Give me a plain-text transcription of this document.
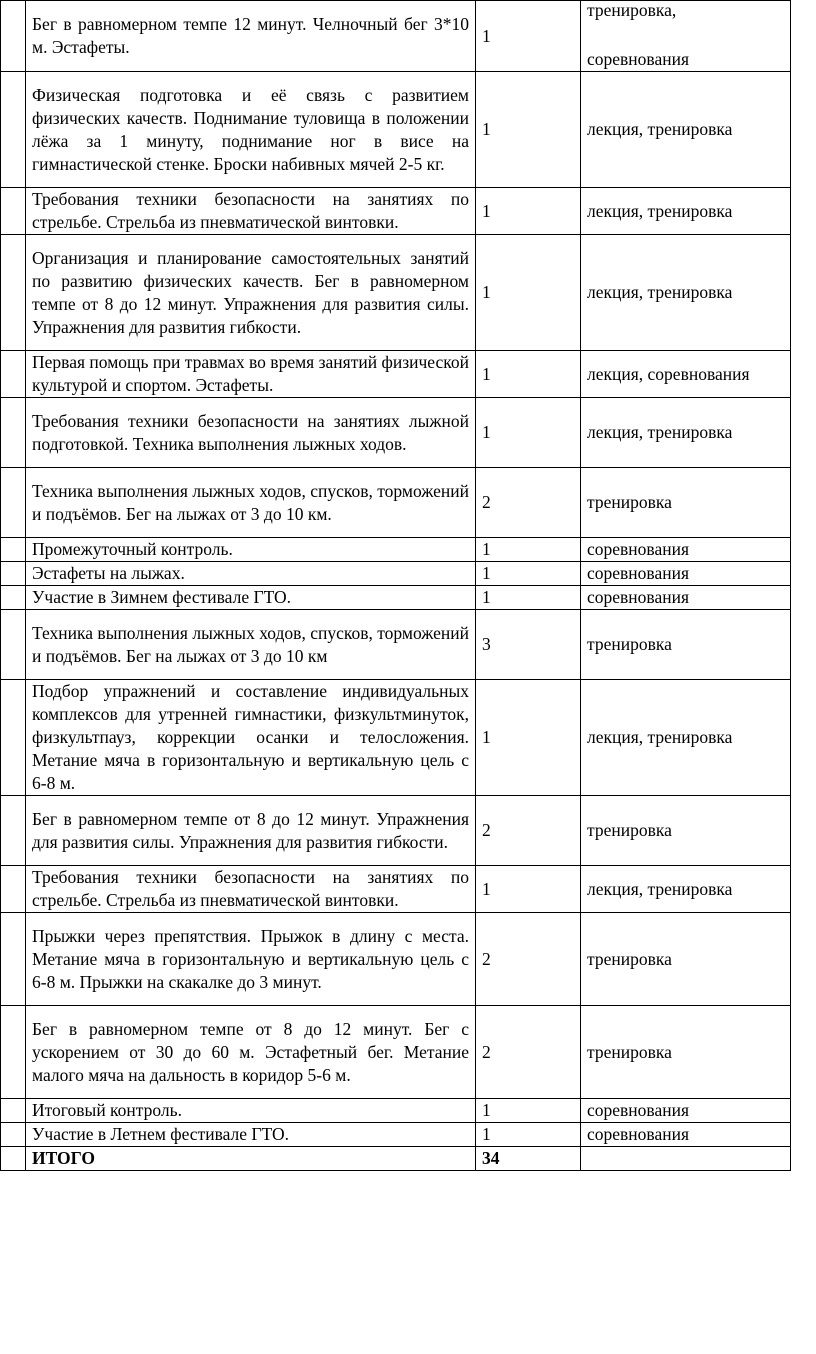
	Бег в равномерном темпе 12 минут. Челночный бег 3*10 м. Эстафеты.	1	тренировка,
соревнования

	Физическая подготовка и её связь с развитием физических качеств. Поднимание туловища в положении лёжа за 1 минуту, поднимание ног в висе на гимнастической стенке. Броски набивных мячей 2-5 кг.	1	лекция, тренировка
	Требования техники безопасности на занятиях по стрельбе. Стрельба из пневматической винтовки.	1	лекция, тренировка
	Организация и планирование самостоятельных занятий по развитию физических качеств. Бег в равномерном темпе от 8 до 12 минут. Упражнения для развития силы. Упражнения для развития гибкости.	1	лекция, тренировка
	Первая помощь при травмах во время занятий физической культурой и спортом. Эстафеты.	1	лекция, соревнования
	Требования техники безопасности на занятиях лыжной подготовкой. Техника выполнения лыжных ходов.	1	лекция, тренировка
	Техника выполнения лыжных ходов, спусков, торможений и подъёмов. Бег на лыжах от 3 до 10 км.	2	тренировка
	Промежуточный контроль.	1	соревнования
	Эстафеты на лыжах.	1	соревнования
	Участие в Зимнем фестивале ГТО.	1	соревнования
	Техника выполнения лыжных ходов, спусков, торможений и подъёмов. Бег на лыжах от 3 до 10 км	3	тренировка
	Подбор упражнений и составление индивидуальных комплексов для утренней гимнастики, физкультминуток, физкультпауз, коррекции осанки и телосложения. Метание мяча в горизонтальную и вертикальную цель с 6-8 м.	1	лекция, тренировка
	Бег в равномерном темпе от 8 до 12 минут. Упражнения для развития силы. Упражнения для развития гибкости.	2	тренировка
	Требования техники безопасности на занятиях по стрельбе. Стрельба из пневматической винтовки.	1	лекция, тренировка
	Прыжки через препятствия. Прыжок в длину с места. Метание мяча в горизонтальную и вертикальную цель с 6-8 м. Прыжки на скакалке до 3 минут.	2	тренировка
	Бег в равномерном темпе от 8 до 12 минут. Бег с ускорением от 30 до 60 м. Эстафетный бег. Метание малого мяча на дальность в коридор 5-6 м.	2	тренировка
	Итоговый контроль.	1	соревнования
	Участие в Летнем фестивале ГТО.	1	соревнования
	ИТОГО	34	
